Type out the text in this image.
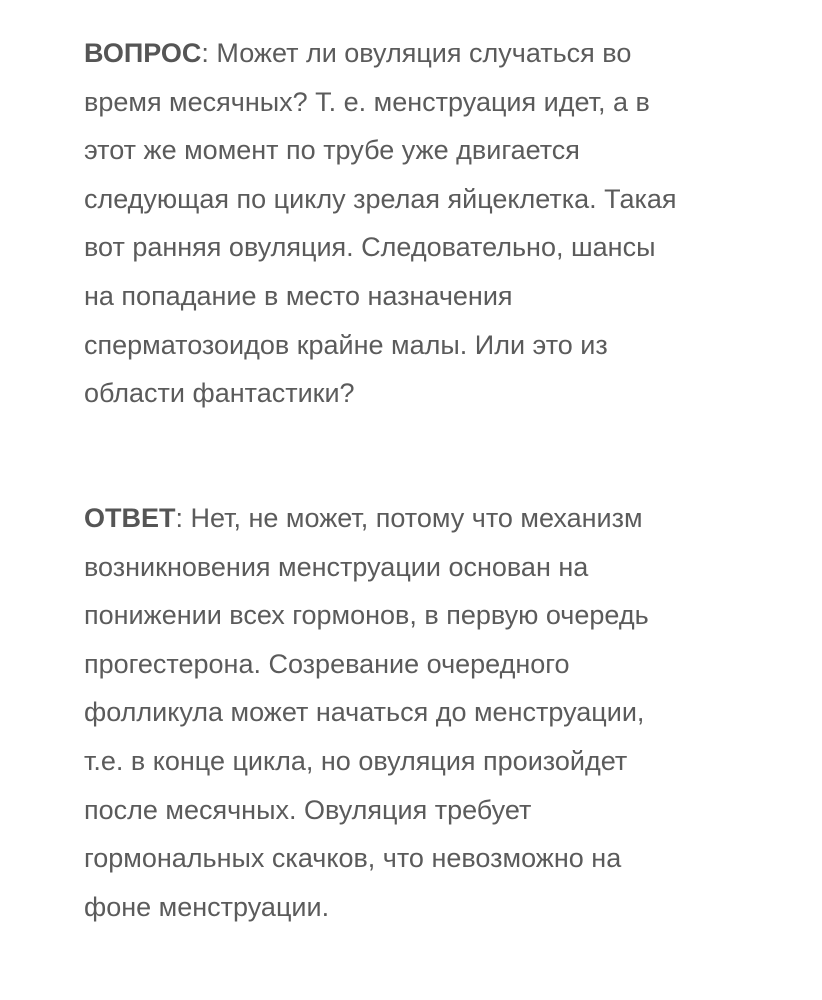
ВОПРОС: Может ли овуляция случаться во
время месячных? Т. е. менструация идет, а в
этот же момент по трубе уже двигается
следующая по циклу зрелая яйцеклетка. Такая
вот ранняя овуляция. Следовательно, шансы
на попадание в место назначения
сперматозоидов крайне малы. Или это из
области фантастики?
ОТВЕТ: Нет, не может, потому что механизм
возникновения менструации основан на
понижении всех гормонов, в первую очередь
прогестерона. Созревание очередного
фолликула может начаться до менструации,
т.е. в конце цикла, но овуляция произойдет
после месячных. Овуляция требует
гормональных скачков, что невозможно на
фоне менструации.
